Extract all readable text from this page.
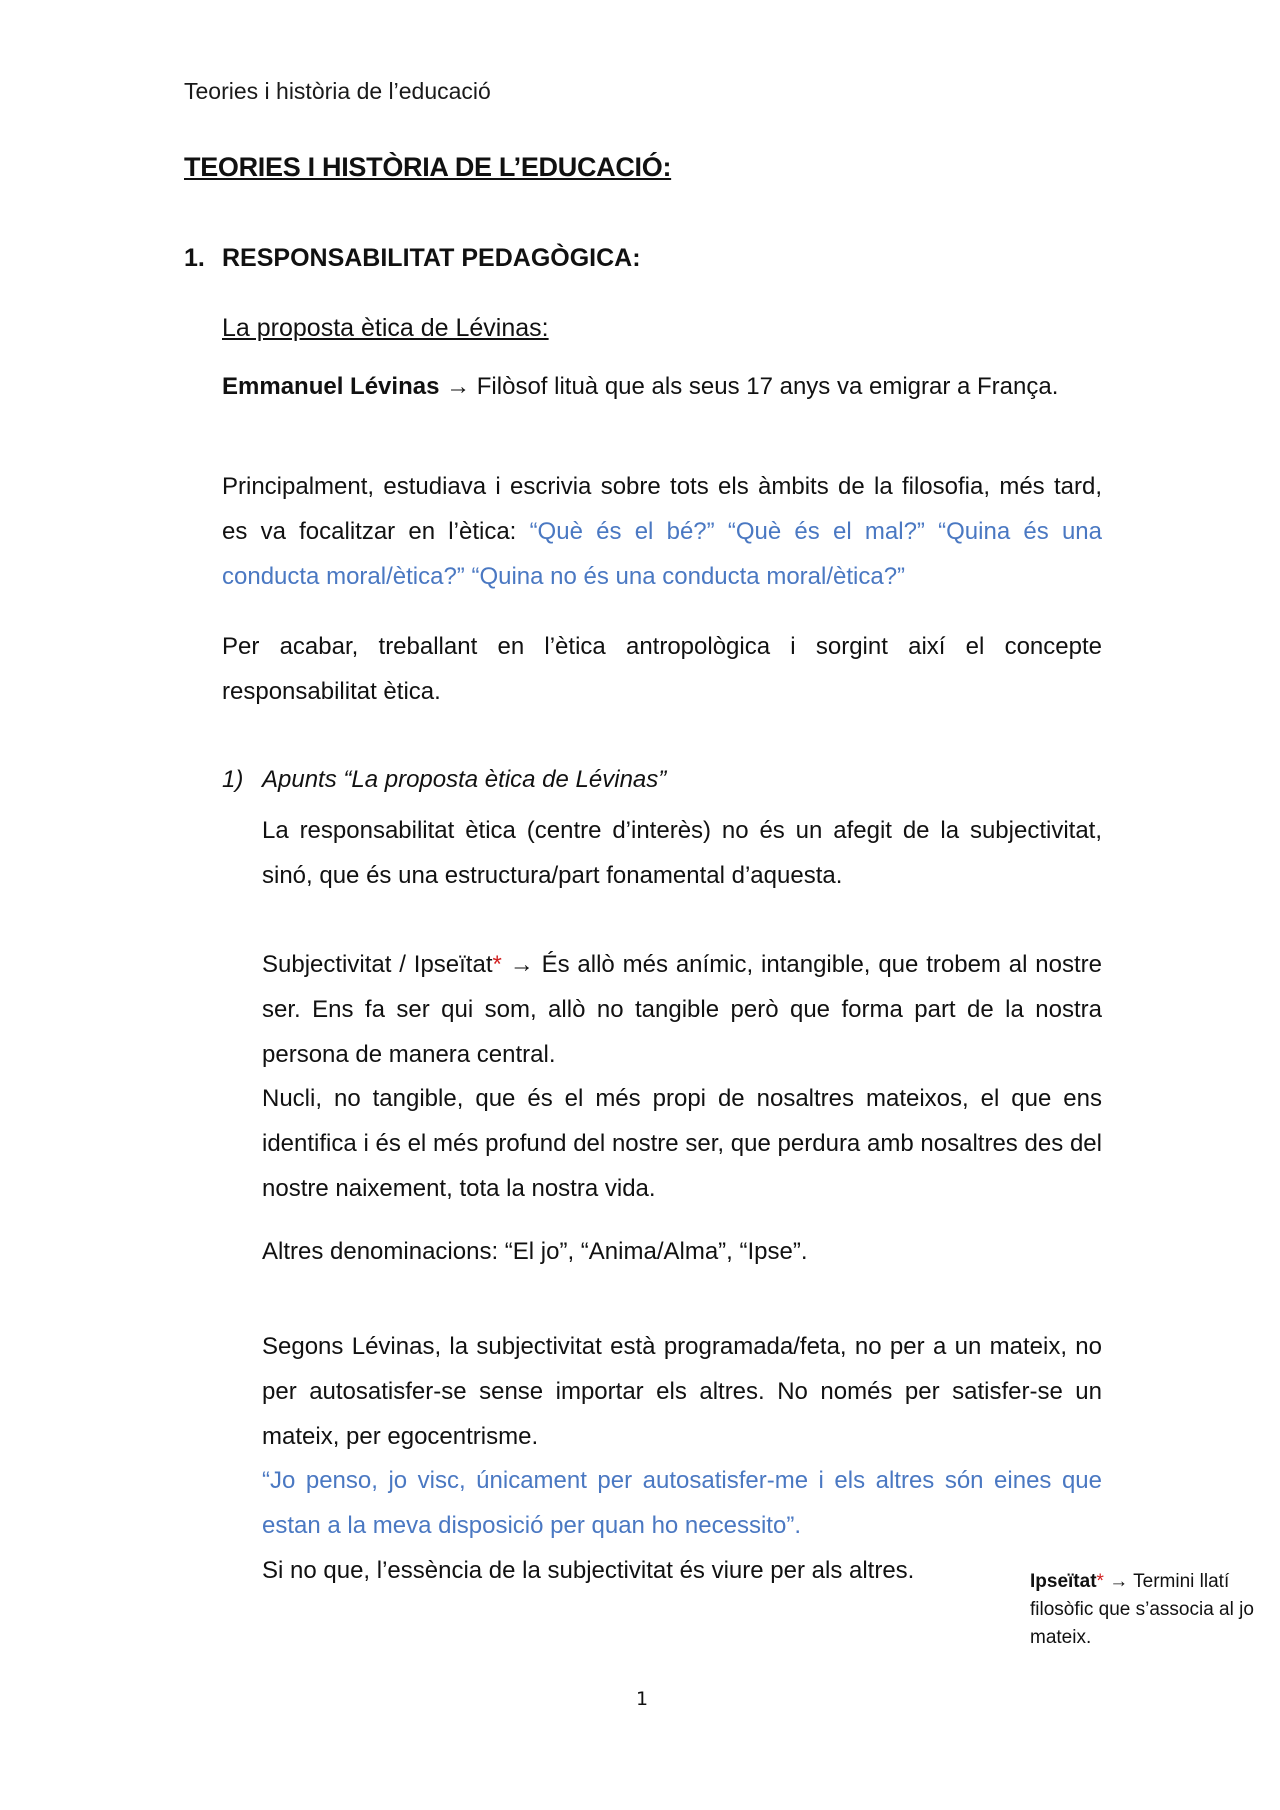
Teories i història de l’educació
TEORIES I HISTÒRIA DE L’EDUCACIÓ:
1. RESPONSABILITAT PEDAGÒGICA:
La proposta ètica de Lévinas:

Emmanuel Lévinas → Filòsof lituà que als seus 17 anys va emigrar a França.

Principalment, estudiava i escrivia sobre tots els àmbits de la filosofia, més tard, es va focalitzar en l’ètica: “Què és el bé?” “Què és el mal?” “Quina és una conducta moral/ètica?” “Quina no és una conducta moral/ètica?”

Per acabar, treballant en l’ètica antropològica i sorgint així el concepte responsabilitat ètica.

1) Apunts “La proposta ètica de Lévinas”

La responsabilitat ètica (centre d’interès) no és un afegit de la subjectivitat, sinó, que és una estructura/part fonamental d’aquesta.

Subjectivitat / Ipseïtat* → És allò més anímic, intangible, que trobem al nostre ser. Ens fa ser qui som, allò no tangible però que forma part de la nostra persona de manera central.

Nucli, no tangible, que és el més propi de nosaltres mateixos, el que ens identifica i és el més profund del nostre ser, que perdura amb nosaltres des del nostre naixement, tota la nostra vida.

Altres denominacions: “El jo”, “Anima/Alma”, “Ipse”.

Segons Lévinas, la subjectivitat està programada/feta, no per a un mateix, no per autosatisfer-se sense importar els altres. No només per satisfer-se un mateix, per egocentrisme.

“Jo penso, jo visc, únicament per autosatisfer-me i els altres són eines que estan a la meva disposició per quan ho necessito”.

Si no que, l’essència de la subjectivitat és viure per als altres.	Ipseïtat* → Termini llatí filosòfic que s’associa al jo mateix.

1
